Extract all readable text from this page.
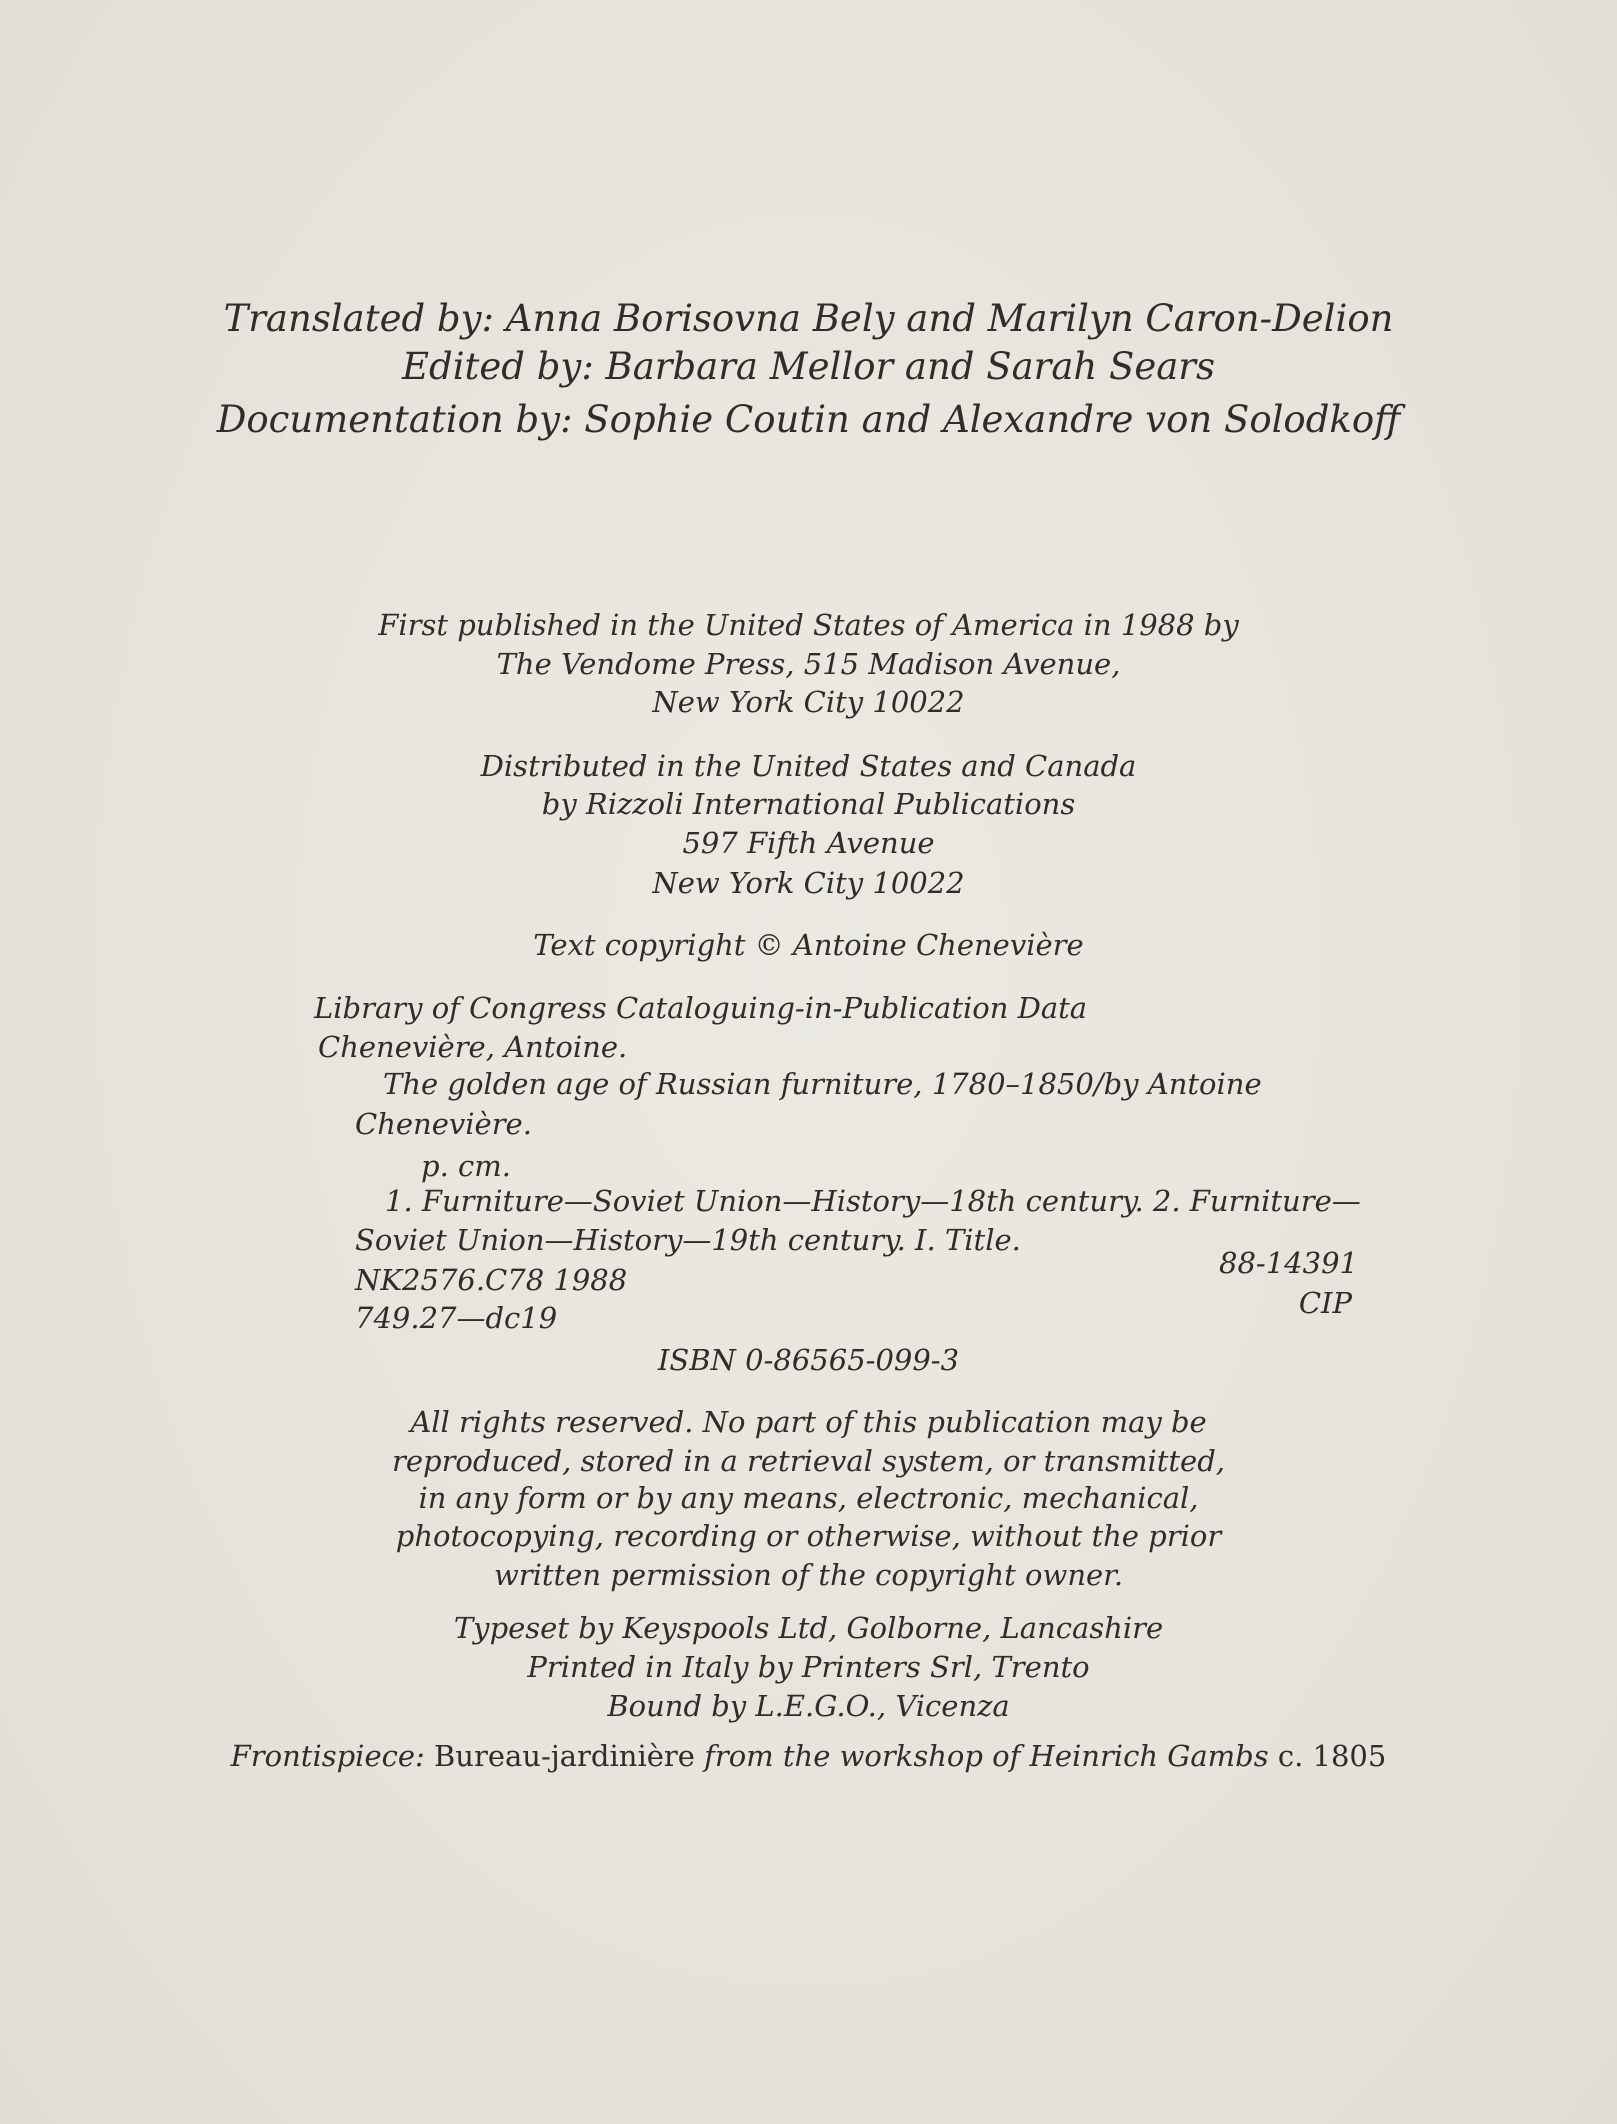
Translated by: Anna Borisovna Bely and Marilyn Caron-Delion
Edited by: Barbara Mellor and Sarah Sears
Documentation by: Sophie Coutin and Alexandre von Solodkoff
First published in the United States of America in 1988 by
The Vendome Press, 515 Madison Avenue,
New York City 10022
Distributed in the United States and Canada
by Rizzoli International Publications
597 Fifth Avenue
New York City 10022
Text copyright © Antoine Chenevière
Library of Congress Cataloguing-in-Publication Data
Chenevière, Antoine.
The golden age of Russian furniture, 1780–1850/by Antoine
Chenevière.
p. cm.
1. Furniture—Soviet Union—History—18th century. 2. Furniture—
Soviet Union—History—19th century. I. Title.
NK2576.C78 1988
749.27—dc19
88-14391
CIP
ISBN 0-86565-099-3
All rights reserved. No part of this publication may be
reproduced, stored in a retrieval system, or transmitted,
in any form or by any means, electronic, mechanical,
photocopying, recording or otherwise, without the prior
written permission of the copyright owner.
Typeset by Keyspools Ltd, Golborne, Lancashire
Printed in Italy by Printers Srl, Trento
Bound by L.E.G.O., Vicenza
Frontispiece: Bureau-jardinière from the workshop of Heinrich Gambs c. 1805
